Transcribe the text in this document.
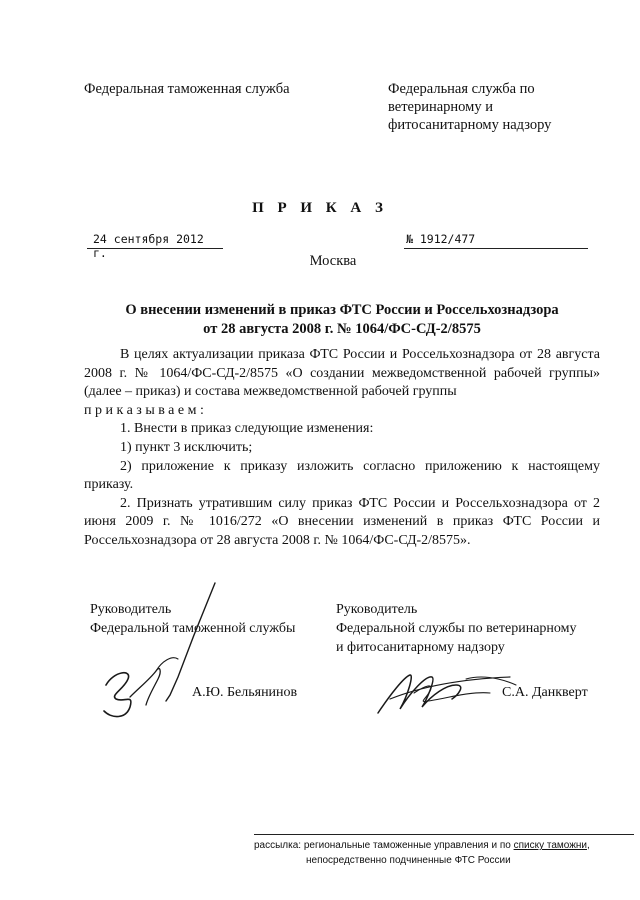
Федеральная таможенная служба	Федеральная служба по
ветеринарному и
фитосанитарному надзору
П Р И К А З
24 сентября 2012 г.
№ 1912/477
Москва
О внесении изменений в приказ ФТС России и Россельхознадзора
от 28 августа 2008 г. № 1064/ФС-СД-2/8575
В целях актуализации приказа ФТС России и Россельхознадзора от 28 августа 2008 г. № 1064/ФС-СД-2/8575 «О создании межведомственной рабочей группы» (далее – приказ) и состава межведомственной рабочей группы
приказываем:
1. Внести в приказ следующие изменения:
1) пункт 3 исключить;
2) приложение к приказу изложить согласно приложению к настоящему приказу.
2. Признать утратившим силу приказ ФТС России и Россельхознадзора от 2 июня 2009 г. № 1016/272 «О внесении изменений в приказ ФТС России и Россельхознадзора от 28 августа 2008 г. № 1064/ФС-СД-2/8575».
Руководитель
Федеральной таможенной службы
А.Ю. Бельянинов
Руководитель
Федеральной службы по ветеринарному
и фитосанитарному надзору
С.А. Данкверт
рассылка: региональные таможенные управления и по списку таможни,
непосредственно подчиненные ФТС России
